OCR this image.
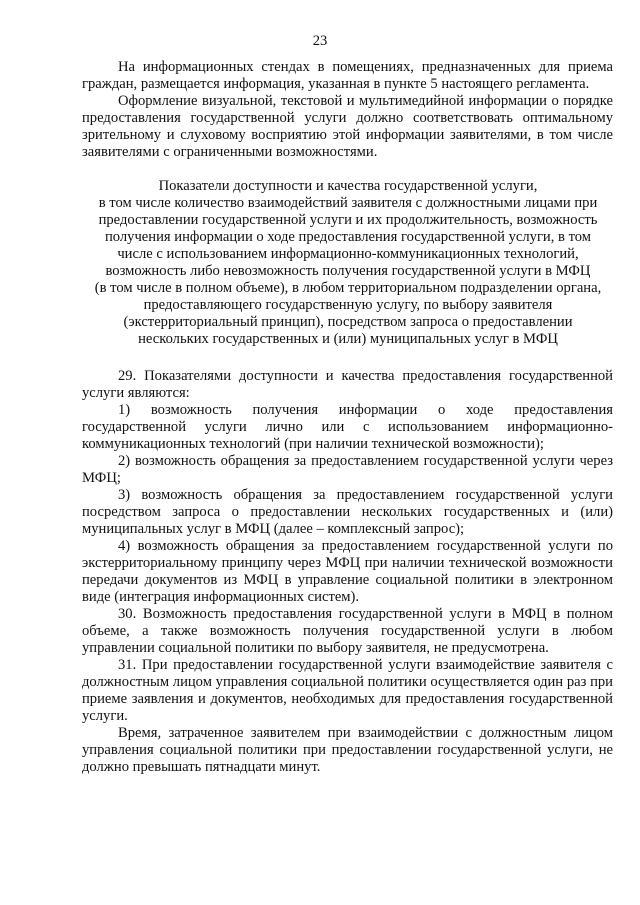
23

На информационных стендах в помещениях, предназначенных для приема граждан, размещается информация, указанная в пункте 5 настоящего регламента.

Оформление визуальной, текстовой и мультимедийной информации о порядке предоставления государственной услуги должно соответствовать оптимальному зрительному и слуховому восприятию этой информации заявителями, в том числе заявителями с ограниченными возможностями.

Показатели доступности и качества государственной услуги,
в том числе количество взаимодействий заявителя с должностными лицами при
предоставлении государственной услуги и их продолжительность, возможность
получения информации о ходе предоставления государственной услуги, в том
числе с использованием информационно-коммуникационных технологий,
возможность либо невозможность получения государственной услуги в МФЦ
(в том числе в полном объеме), в любом территориальном подразделении органа,
предоставляющего государственную услугу, по выбору заявителя
(экстерриториальный принцип), посредством запроса о предоставлении
нескольких государственных и (или) муниципальных услуг в МФЦ

29. Показателями доступности и качества предоставления государственной услуги являются:

1) возможность получения информации о ходе предоставления государственной услуги лично или с использованием информационно-коммуникационных технологий (при наличии технической возможности);

2) возможность обращения за предоставлением государственной услуги через МФЦ;

3) возможность обращения за предоставлением государственной услуги посредством запроса о предоставлении нескольких государственных и (или) муниципальных услуг в МФЦ (далее – комплексный запрос);

4) возможность обращения за предоставлением государственной услуги по экстерриториальному принципу через МФЦ при наличии технической возможности передачи документов из МФЦ в управление социальной политики в электронном виде (интеграция информационных систем).

30. Возможность предоставления государственной услуги в МФЦ в полном объеме, а также возможность получения государственной услуги в любом управлении социальной политики по выбору заявителя, не предусмотрена.

31. При предоставлении государственной услуги взаимодействие заявителя с должностным лицом управления социальной политики осуществляется один раз при приеме заявления и документов, необходимых для предоставления государственной услуги.

Время, затраченное заявителем при взаимодействии с должностным лицом управления социальной политики при предоставлении государственной услуги, не должно превышать пятнадцати минут.
